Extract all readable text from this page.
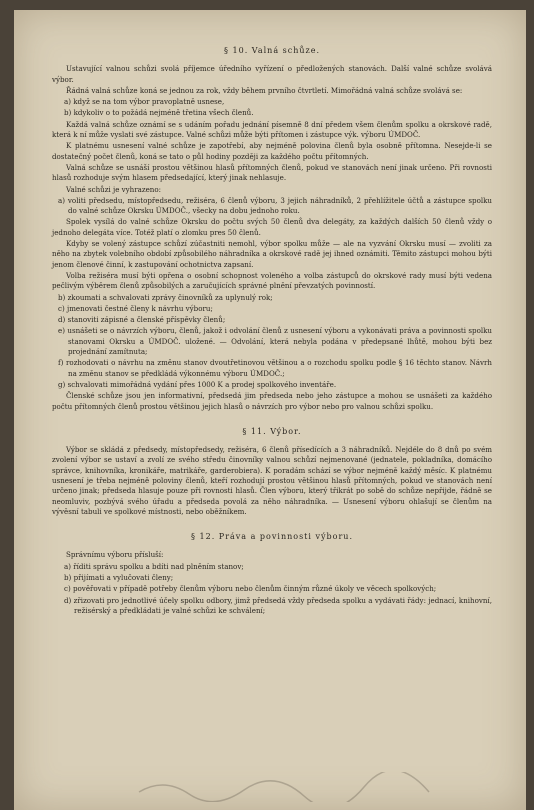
§ 10. Valná schůze.

Ustavující valnou schůzi svolá příjemce úředního vyřízení o předložených stanovách. Další valné schůze svolává výbor.

Řádná valná schůze koná se jednou za rok, vždy během prvního čtvrtletí. Mimořádná valná schůze svolává se:

a) když se na tom výbor pravoplatně usnese,
b) kdykoliv o to požádá nejméně třetina všech členů.

Každá valná schůze oznámí se s udáním pořadu jednání písemně 8 dní předem všem členům spolku a okrskové radě, která k ní může vyslati své zástupce. Valné schůzi může býti přítomen i zástupce výk. výboru ÚMDOČ.

K platnému usnesení valné schůze je zapotřebí, aby nejméně polovina členů byla osobně přítomna. Nesejde-li se dostatečný počet členů, koná se tato o půl hodiny později za každého počtu přítomných.

Valná schůze se usnáší prostou většinou hlasů přítomných členů, pokud ve stanovách není jinak určeno. Při rovnosti hlasů rozhoduje svým hlasem předsedající, který jinak nehlasuje.

Valné schůzi je vyhrazeno:

a) voliti předsedu, místopředsedu, režiséra, 6 členů výboru, 3 jejich náhradníků, 2 přehlížitele účtů a zástupce spolku do valné schůze Okrsku ÚMDOČ., všecky na dobu jednoho roku.

Spolek vysílá do valné schůze Okrsku do počtu svých 50 členů dva delegáty, za každých dalších 50 členů vždy o jednoho delegáta více. Totéž platí o zlomku pres 50 členů.

Kdyby se volený zástupce schůzí zúčastniti nemohl, výbor spolku může — ale na vyzvání Okrsku musí — zvoliti za něho na zbytek volebního období způsobilého náhradníka a okrskové radě jej ihned oznámiti. Těmito zástupci mohou býti jenom členové činní, k zastupování ochotnictva zapsaní.

Volba režiséra musí býti opřena o osobní schopnost voleného a volba zástupců do okrskové rady musí býti vedena pečlivým výběrem členů způsobilých a zaručujících správné plnění převzatých povinností.

b) zkoumati a schvalovati zprávy činovníků za uplynulý rok;
c) jmenovati čestné členy k návrhu výboru;
d) stanoviti zápisné a členské příspěvky členů;
e) usnášeti se o návrzích výboru, členů, jakož i odvolání členů z usnesení výboru a vykonávati práva a povinnosti spolku stanovami Okrsku a ÚMDOČ. uložené. — Odvolání, která nebyla podána v předepsané lhůtě, mohou býti bez projednání zamítnuta;
f) rozhodovati o návrhu na změnu stanov dvoutřetinovou většinou a o rozchodu spolku podle § 16 těchto stanov. Návrh na změnu stanov se předkládá výkonnému výboru ÚMDOČ.;
g) schvalovati mimořádná vydání přes 1000 K a prodej spolkového inventáře.

Členské schůze jsou jen informativní, předsedá jim předseda nebo jeho zástupce a mohou se usnášeti za každého počtu přítomných členů prostou většinou jejich hlasů o návrzích pro výbor nebo pro valnou schůzi spolku.

§ 11. Výbor.

Výbor se skládá z předsedy, místopředsedy, režiséra, 6 členů přísedících a 3 náhradníků. Nejdéle do 8 dnů po svém zvolení výbor se ustaví a zvolí ze svého středu činovníky valnou schůzí nejmenované (jednatele, pokladníka, domácího správce, knihovníka, kronikáře, matrikáře, garderobiera). K poradám schází se výbor nejméně každý měsíc. K platnému usnesení je třeba nejméně poloviny členů, kteří rozhodují prostou většinou hlasů přítomných, pokud ve stanovách není určeno jinak; předseda hlasuje pouze při rovnosti hlasů. Člen výboru, který třikrát po sobě do schůze nepřijde, řádně se neomluviv, pozbývá svého úřadu a předseda povolá za něho náhradníka. — Usnesení výboru ohlašují se členům na vývěsní tabuli ve spolkové místnosti, nebo oběžníkem.

§ 12. Práva a povinnosti výboru.

Správnímu výboru přísluší:

a) říditi správu spolku a bdíti nad plněním stanov;
b) přijímati a vylučovati členy;
c) pověřovati v případě potřeby členům výboru nebo členům činným různé úkoly ve věcech spolkových;
d) zřizovati pro jednotlivé účely spolku odbory, jimž předsedá vždy předseda spolku a vydávati řády: jednací, knihovní, režisérský a předkládati je valné schůzi ke schválení;
